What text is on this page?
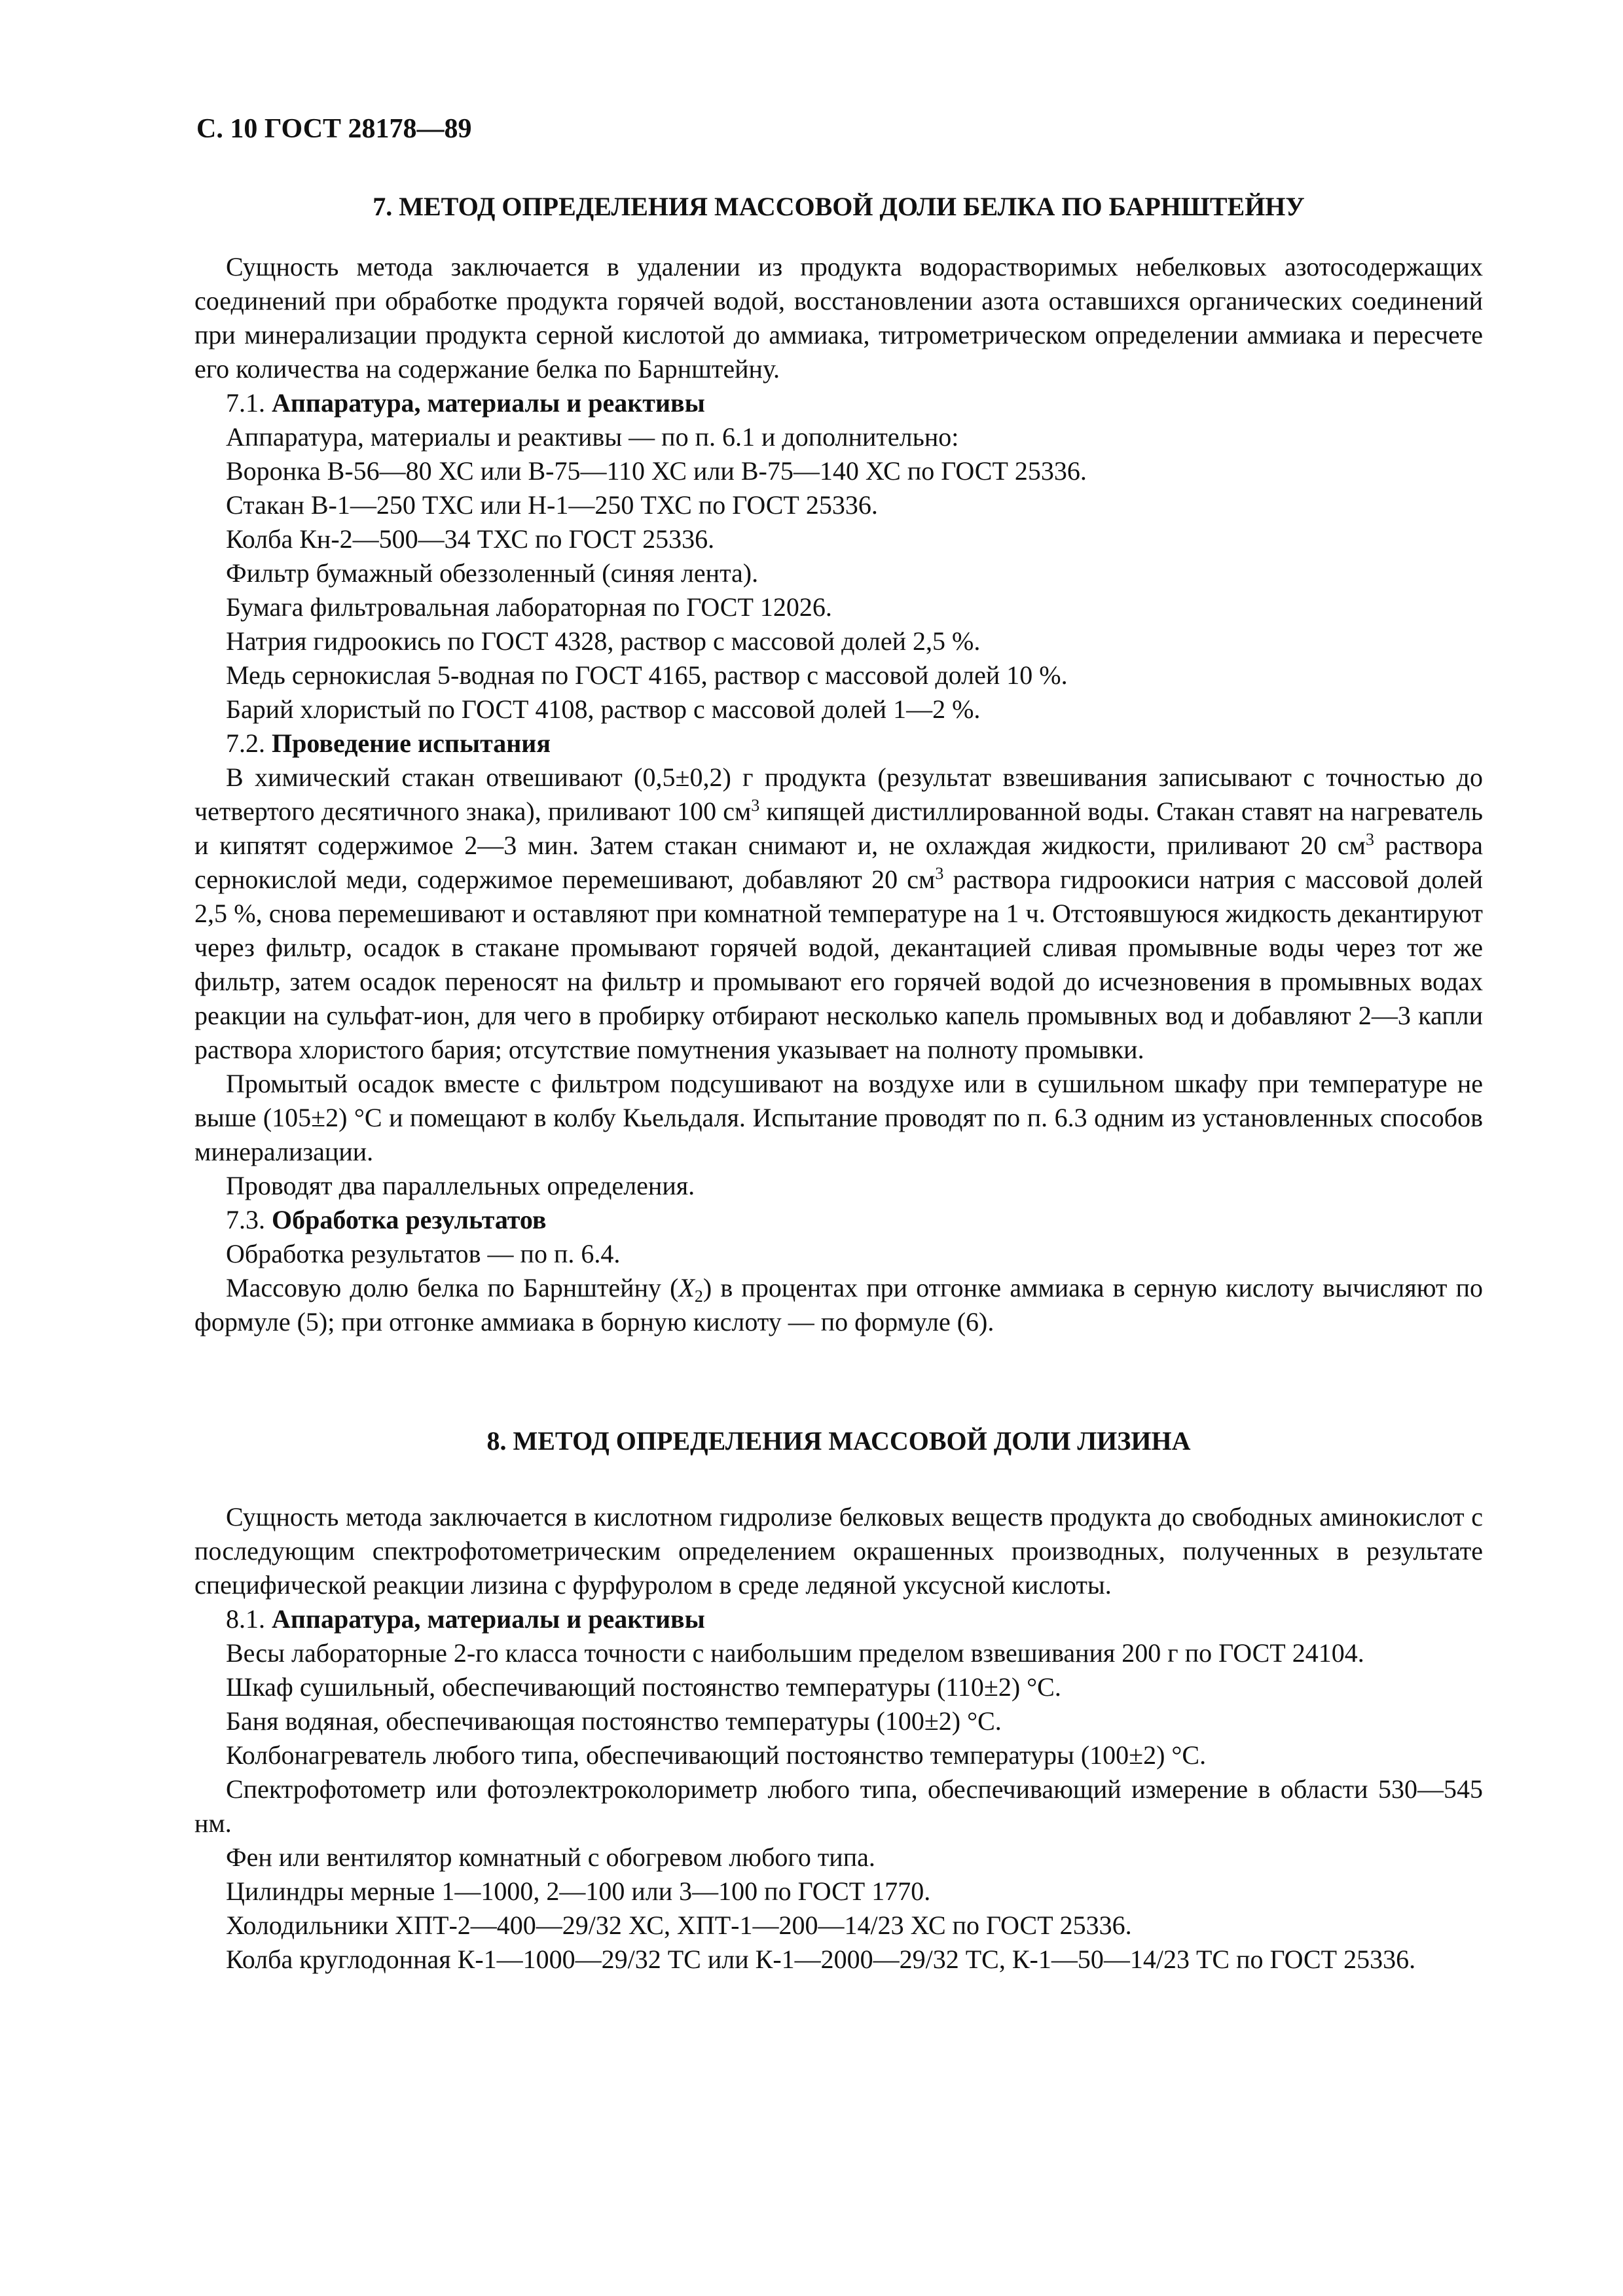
С. 10 ГОСТ 28178—89
7. МЕТОД ОПРЕДЕЛЕНИЯ МАССОВОЙ ДОЛИ БЕЛКА ПО БАРНШТЕЙНУ

Сущность метода заключается в удалении из продукта водорастворимых небелковых азотосодержащих соединений при обработке продукта горячей водой, восстановлении азота оставшихся органических соединений при минерализации продукта серной кислотой до аммиака, титрометрическом определении аммиака и пересчете его количества на содержание белка по Барнштейну.

7.1. Аппаратура, материалы и реактивы
Аппаратура, материалы и реактивы — по п. 6.1 и дополнительно:
Воронка В-56—80 ХС или В-75—110 ХС или В-75—140 ХС по ГОСТ 25336.
Стакан В-1—250 ТХС или Н-1—250 ТХС по ГОСТ 25336.
Колба Кн-2—500—34 ТХС по ГОСТ 25336.
Фильтр бумажный обеззоленный (синяя лента).
Бумага фильтровальная лабораторная по ГОСТ 12026.
Натрия гидроокись по ГОСТ 4328, раствор с массовой долей 2,5 %.
Медь сернокислая 5-водная по ГОСТ 4165, раствор с массовой долей 10 %.
Барий хлористый по ГОСТ 4108, раствор с массовой долей 1—2 %.
7.2. Проведение испытания

В химический стакан отвешивают (0,5±0,2) г продукта (результат взвешивания записывают с точностью до четвертого десятичного знака), приливают 100 $см^3$ кипящей дистиллированной воды. Стакан ставят на нагреватель и кипятят содержимое 2—3 мин. Затем стакан снимают и, не охлаждая жидкости, приливают 20 $см^3$ раствора сернокислой меди, содержимое перемешивают, добавляют 20 $см^3$ раствора гидроокиси натрия с массовой долей 2,5 %, снова перемешивают и оставляют при комнатной температуре на 1 ч. Отстоявшуюся жидкость декантируют через фильтр, осадок в стакане промывают горячей водой, декантацией сливая промывные воды через тот же фильтр, затем осадок переносят на фильтр и промывают его горячей водой до исчезновения в промывных водах реакции на сульфат-ион, для чего в пробирку отбирают несколько капель промывных вод и добавляют 2—3 капли раствора хлористого бария; отсутствие помутнения указывает на полноту промывки.

Промытый осадок вместе с фильтром подсушивают на воздухе или в сушильном шкафу при температуре не выше (105±2) °С и помещают в колбу Кьельдаля. Испытание проводят по п. 6.3 одним из установленных способов минерализации.

Проводят два параллельных определения.

7.3. Обработка результатов

Обработка результатов — по п. 6.4.

Массовую долю белка по Барнштейну $(X_2)$ в процентах при отгонке аммиака в серную кислоту вычисляют по формуле (5); при отгонке аммиака в борную кислоту — по формуле (6).

8. МЕТОД ОПРЕДЕЛЕНИЯ МАССОВОЙ ДОЛИ ЛИЗИНА

Сущность метода заключается в кислотном гидролизе белковых веществ продукта до свободных аминокислот с последующим спектрофотометрическим определением окрашенных производных, полученных в результате специфической реакции лизина с фурфуролом в среде ледяной уксусной кислоты.

8.1. Аппаратура, материалы и реактивы

Весы лабораторные 2-го класса точности с наибольшим пределом взвешивания 200 г по ГОСТ 24104.

Шкаф сушильный, обеспечивающий постоянство температуры (110±2) °С.

Баня водяная, обеспечивающая постоянство температуры (100±2) °С.

Колбонагреватель любого типа, обеспечивающий постоянство температуры (100±2) °С.

Спектрофотометр или фотоэлектроколориметр любого типа, обеспечивающий измерение в области 530—545 нм.

Фен или вентилятор комнатный с обогревом любого типа.

Цилиндры мерные 1—1000, 2—100 или 3—100 по ГОСТ 1770.

Холодильники ХПТ-2—400—29/32 ХС, ХПТ-1—200—14/23 ХС по ГОСТ 25336.

Колба круглодонная К-1—1000—29/32 ТС или К-1—2000—29/32 ТС, К-1—50—14/23 ТС по ГОСТ 25336.
